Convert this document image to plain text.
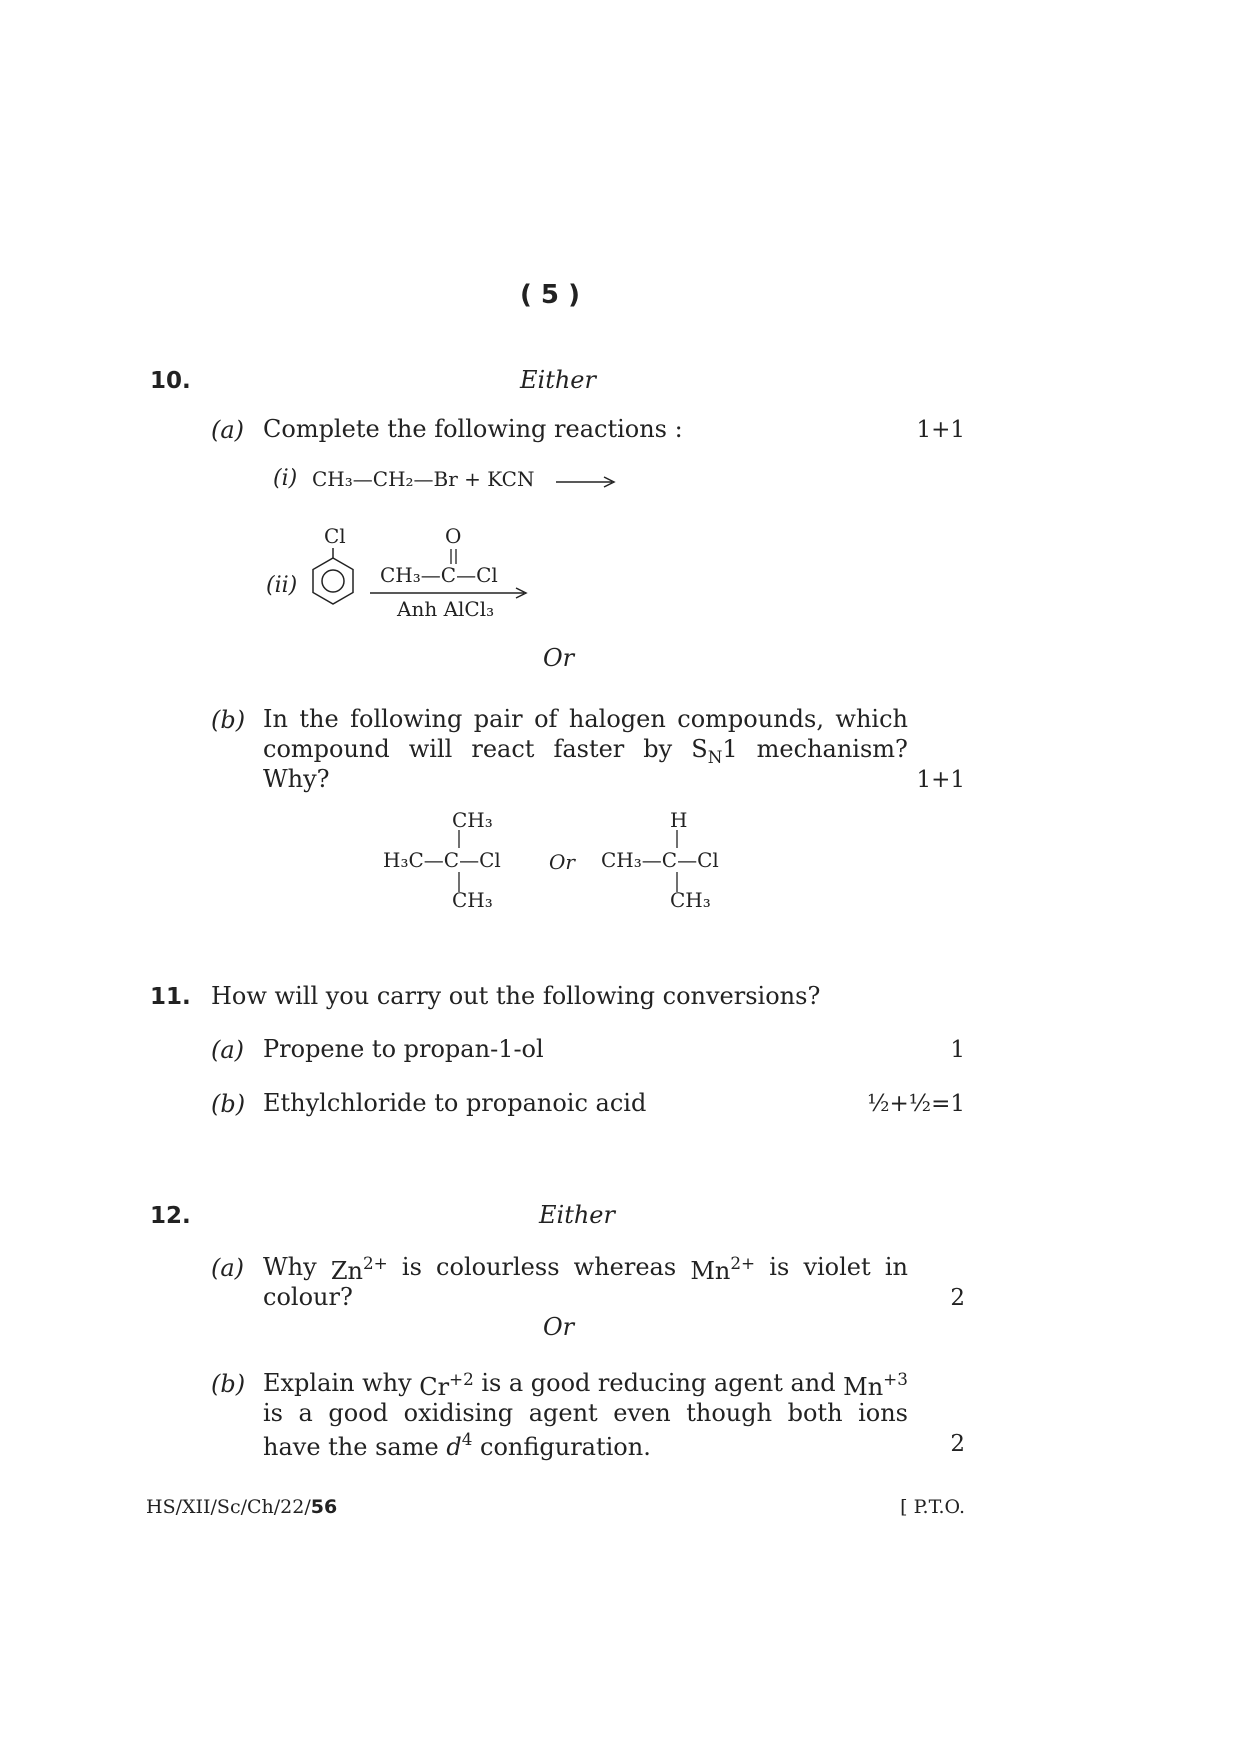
( 5 )
10.	Either
(a) Complete the following reactions :	1+1
(i) CH₃—CH₂—Br + KCN
(ii)
Cl	O
CH₃—C—Cl
Anh AlCl₃
Or
(b) In the following pair of halogen compounds, which
compound will react faster by $S_N1$ mechanism?
Why?	1+1
CH₃
H₃C—C—Cl
CH₃
Or
H
CH₃—C—Cl
CH₃
11. How will you carry out the following conversions?
(a) Propene to propan-1-ol	1
(b) Ethylchloride to propanoic acid	½+½=1
12.	Either
(a) Why $Zn^{2+}$ is colourless whereas $Mn^{2+}$ is violet in
colour?	2
Or
(b) Explain why $Cr^{+2}$ is a good reducing agent and $Mn^{+3}$
is a good oxidising agent even though both ions
have the same $d^4$ configuration.	2
HS/XII/Sc/Ch/22/56	[ P.T.O.
